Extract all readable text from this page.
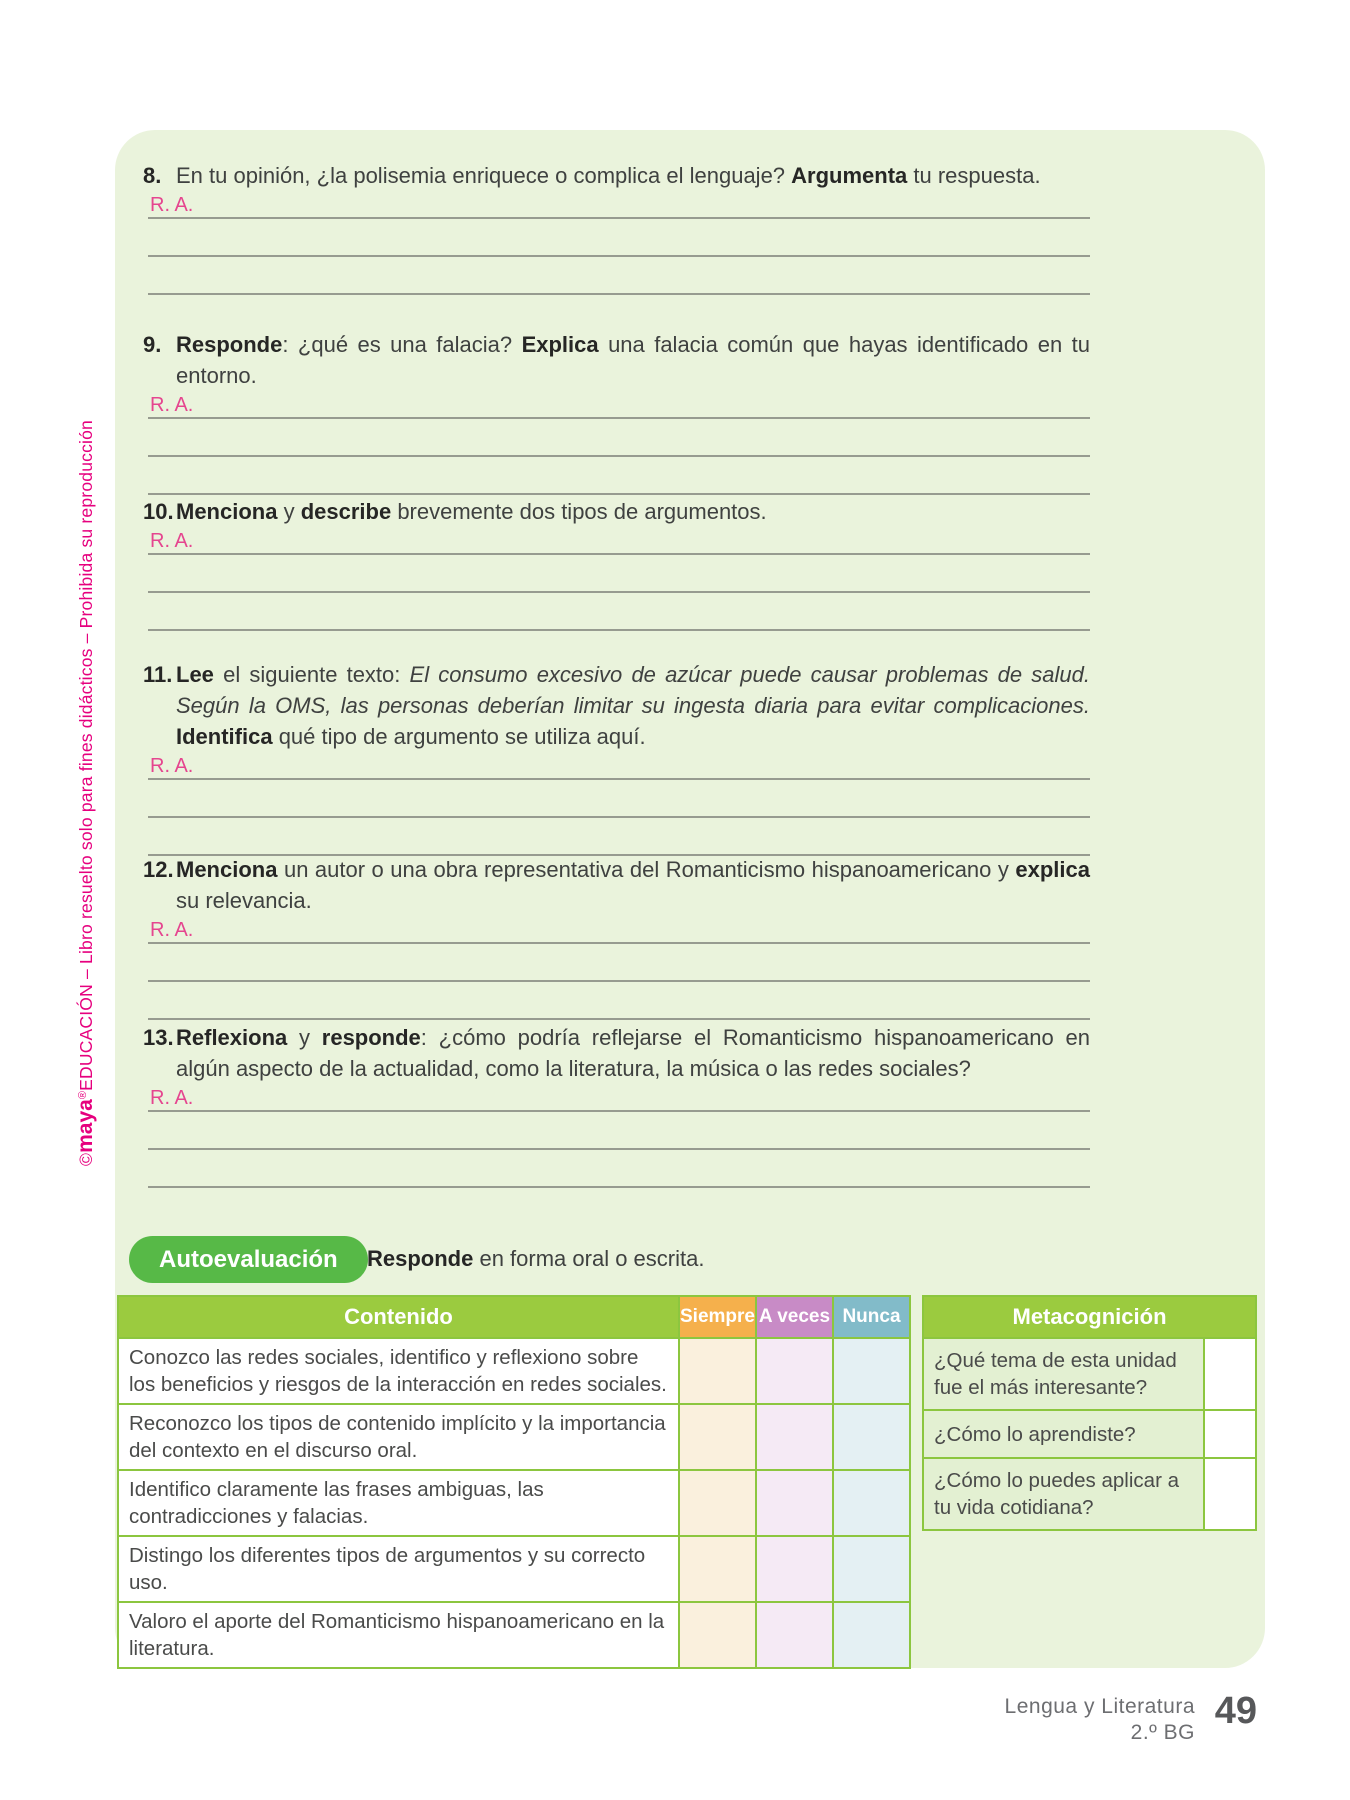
©maya®EDUCACIÓN – Libro resuelto solo para fines didácticos – Prohibida su reproducción
8. En tu opinión, ¿la polisemia enriquece o complica el lenguaje? Argumenta tu respuesta.
R. A.
9. Responde: ¿qué es una falacia? Explica una falacia común que hayas identificado en tu entorno.
R. A.
10. Menciona y describe brevemente dos tipos de argumentos.
R. A.
11. Lee el siguiente texto: El consumo excesivo de azúcar puede causar problemas de salud. Según la OMS, las personas deberían limitar su ingesta diaria para evitar complicaciones. Identifica qué tipo de argumento se utiliza aquí.
R. A.
12. Menciona un autor o una obra representativa del Romanticismo hispanoamericano y explica su relevancia.
R. A.
13. Reflexiona y responde: ¿cómo podría reflejarse el Romanticismo hispanoamericano en algún aspecto de la actualidad, como la literatura, la música o las redes sociales?
R. A.
Autoevaluación Responde en forma oral o escrita.
Contenido	Siempre	A veces	Nunca
Conozco las redes sociales, identifico y reflexiono sobre los beneficios y riesgos de la interacción en redes sociales.			
Reconozco los tipos de contenido implícito y la importancia del contexto en el discurso oral.			
Identifico claramente las frases ambiguas, las contradicciones y falacias.			
Distingo los diferentes tipos de argumentos y su correcto uso.			
Valoro el aporte del Romanticismo hispanoamericano en la literatura.			
Metacognición	
¿Qué tema de esta unidad fue el más interesante?	
¿Cómo lo aprendiste?	
¿Cómo lo puedes aplicar a tu vida cotidiana?	
Lengua y Literatura
2.º BG
49
